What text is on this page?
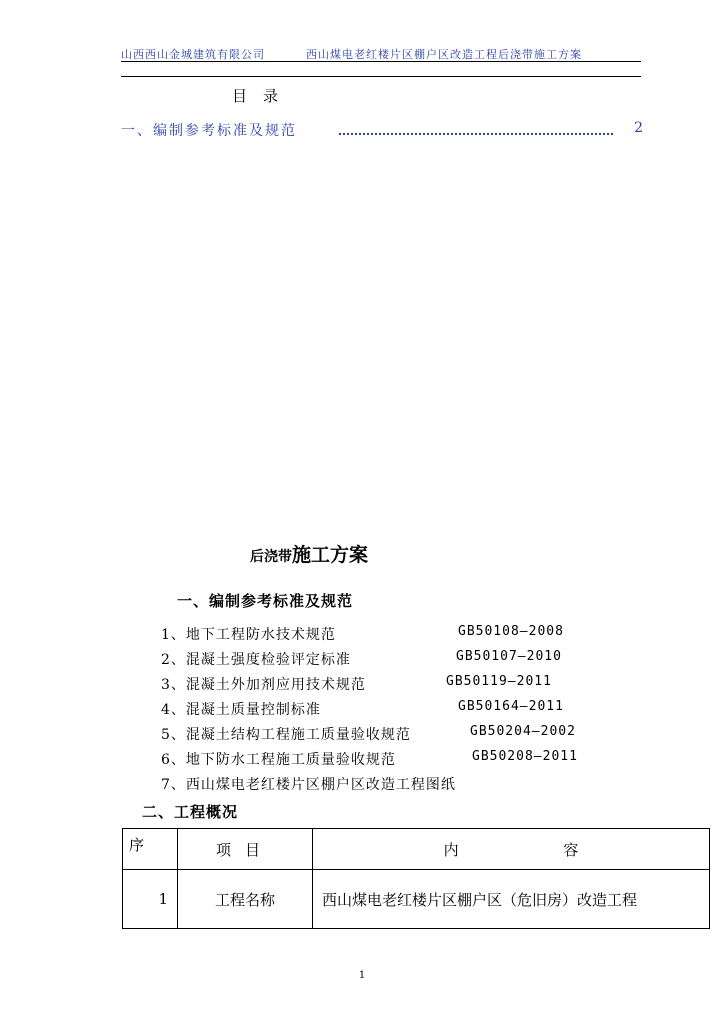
山西西山金城建筑有限公司	西山煤电老红楼片区棚户区改造工程后浇带施工方案
目录
一、编制参考标准及规范	2
后浇带施工方案
一、编制参考标准及规范
1、地下工程防水技术规范	GB50108—2008
2、混凝土强度检验评定标准	GB50107—2010
3、混凝土外加剂应用技术规范	GB50119—2011
4、混凝土质量控制标准	GB50164—2011
5、混凝土结构工程施工质量验收规范	GB50204—2002
6、地下防水工程施工质量验收规范	GB50208—2011
7、西山煤电老红楼片区棚户区改造工程图纸
二、工程概况
序	项目	内 容
1	工程名称	西山煤电老红楼片区棚户区（危旧房）改造工程
1
